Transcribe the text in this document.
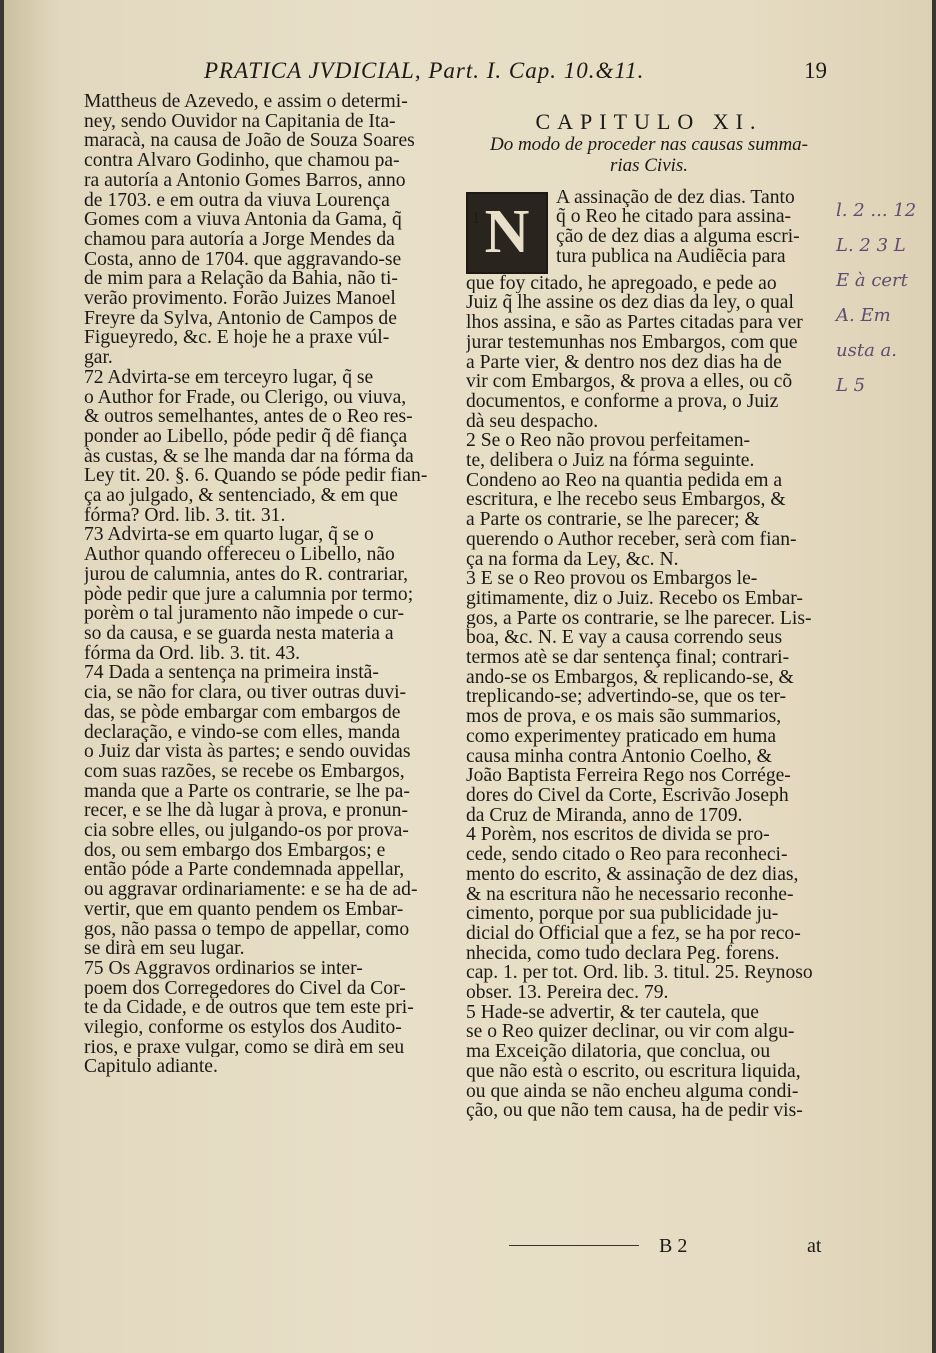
PRATICA JVDICIAL, Part. I. Cap. 10.&11.	19
Mattheus de Azevedo, e assim o determi-
ney, sendo Ouvidor na Capitania de Ita-
maracà, na causa de João de Souza Soares
contra Alvaro Godinho, que chamou pa-
ra autoría a Antonio Gomes Barros, anno
de 1703. e em outra da viuva Lourença
Gomes com a viuva Antonia da Gama, q̃
chamou para autoría a Jorge Mendes da
Costa, anno de 1704. que aggravando-se
de mim para a Relação da Bahia, não ti-
verão provimento. Forão Juizes Manoel
Freyre da Sylva, Antonio de Campos de
Figueyredo, &c. E hoje he a praxe vúl-
gar.
72 Advirta-se em terceyro lugar, q̃ se
o Author for Frade, ou Clerigo, ou viuva,
& outros semelhantes, antes de o Reo res-
ponder ao Libello, póde pedir q̃ dê fiança
às custas, & se lhe manda dar na fórma da
Ley tit. 20. §. 6. Quando se póde pedir fian-
ça ao julgado, & sentenciado, & em que
fórma? Ord. lib. 3. tit. 31.
73 Advirta-se em quarto lugar, q̃ se o
Author quando offereceu o Libello, não
jurou de calumnia, antes do R. contrariar,
pòde pedir que jure a calumnia por termo;
porèm o tal juramento não impede o cur-
so da causa, e se guarda nesta materia a
fórma da Ord. lib. 3. tit. 43.
74 Dada a sentença na primeira instã-
cia, se não for clara, ou tiver outras duvi-
das, se pòde embargar com embargos de
declaração, e vindo-se com elles, manda
o Juiz dar vista às partes; e sendo ouvidas
com suas razões, se recebe os Embargos,
manda que a Parte os contrarie, se lhe pa-
recer, e se lhe dà lugar à prova, e pronun-
cia sobre elles, ou julgando-os por prova-
dos, ou sem embargo dos Embargos; e
então póde a Parte condemnada appellar,
ou aggravar ordinariamente: e se ha de ad-
vertir, que em quanto pendem os Embar-
gos, não passa o tempo de appellar, como
se dirà em seu lugar.
75 Os Aggravos ordinarios se inter-
poem dos Corregedores do Civel da Cor-
te da Cidade, e de outros que tem este pri-
vilegio, conforme os estylos dos Audito-
rios, e praxe vulgar, como se dirà em seu
Capitulo adiante.
CAPITULO XI.
Do modo de proceder nas causas summa-
rias Civis.
N
A assinação de dez dias. Tanto
q̃ o Reo he citado para assina-
ção de dez dias a alguma escri-
tura publica na Audiẽcia para
que foy citado, he apregoado, e pede ao
Juiz q̃ lhe assine os dez dias da ley, o qual
lhos assina, e são as Partes citadas para ver
jurar testemunhas nos Embargos, com que
a Parte vier, & dentro nos dez dias ha de
vir com Embargos, & prova a elles, ou cõ
documentos, e conforme a prova, o Juiz
dà seu despacho.
2 Se o Reo não provou perfeitamen-
te, delibera o Juiz na fórma seguinte.
Condeno ao Reo na quantia pedida em a
escritura, e lhe recebo seus Embargos, &
a Parte os contrarie, se lhe parecer; &
querendo o Author receber, serà com fian-
ça na forma da Ley, &c. N.
3 E se o Reo provou os Embargos le-
gitimamente, diz o Juiz. Recebo os Embar-
gos, a Parte os contrarie, se lhe parecer. Lis-
boa, &c. N. E vay a causa correndo seus
termos atè se dar sentença final; contrari-
ando-se os Embargos, & replicando-se, &
treplicando-se; advertindo-se, que os ter-
mos de prova, e os mais são summarios,
como experimentey praticado em huma
causa minha contra Antonio Coelho, &
João Baptista Ferreira Rego nos Corrége-
dores do Civel da Corte, Escrivão Joseph
da Cruz de Miranda, anno de 1709.
4 Porèm, nos escritos de divida se pro-
cede, sendo citado o Reo para reconheci-
mento do escrito, & assinação de dez dias,
& na escritura não he necessario reconhe-
cimento, porque por sua publicidade ju-
dicial do Official que a fez, se ha por reco-
nhecida, como tudo declara Peg. forens.
cap. 1. per tot. Ord. lib. 3. titul. 25. Reynoso
obser. 13. Pereira dec. 79.
5 Hade-se advertir, & ter cautela, que
se o Reo quizer declinar, ou vir com algu-
ma Exceição dilatoria, que conclua, ou
que não està o escrito, ou escritura liquida,
ou que ainda se não encheu alguma condi-
ção, ou que não tem causa, ha de pedir vis-
1
B 2	at
l. 2 ... 12
L. 2 3 L
E à cert
A. Em
usta a.
L 5
